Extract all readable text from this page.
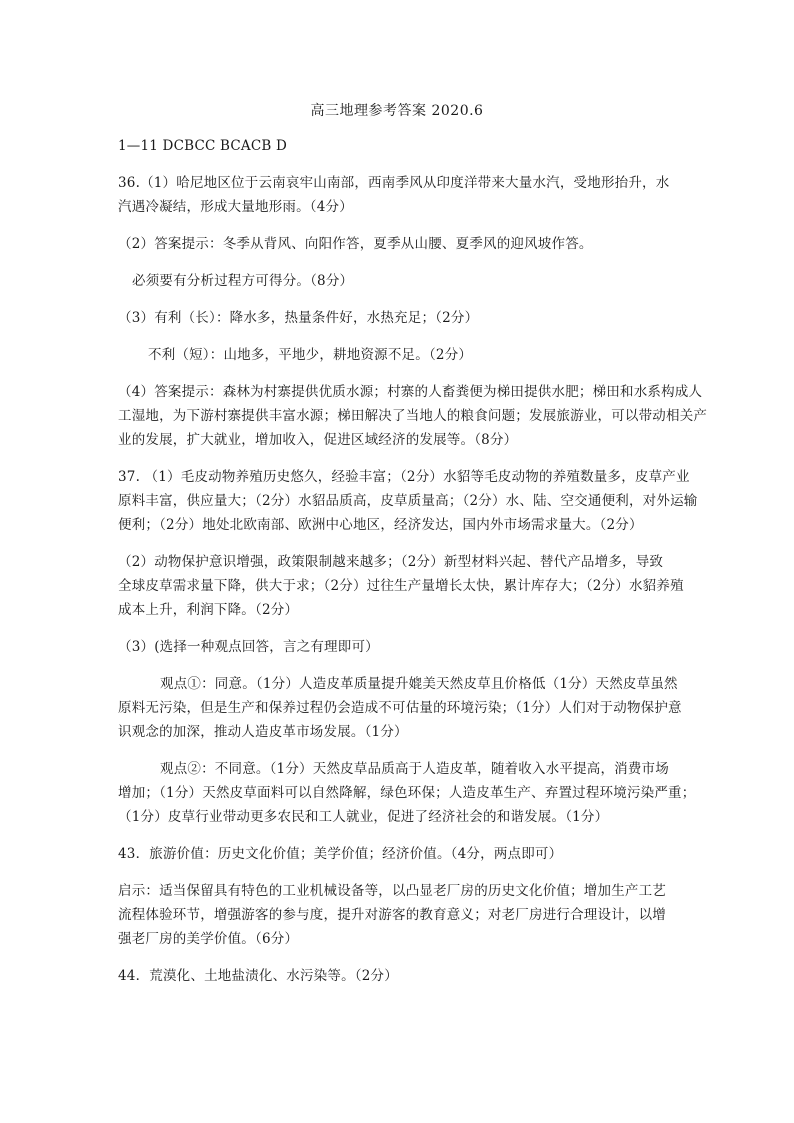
高三地理参考答案 2020.6
1—11 DCBCC BCACB D
36.（1）哈尼地区位于云南哀牢山南部，西南季风从印度洋带来大量水汽，受地形抬升，水
汽遇冷凝结，形成大量地形雨。（4分）
（2）答案提示：冬季从背风、向阳作答，夏季从山腰、夏季风的迎风坡作答。
必须要有分析过程方可得分。（8分）
（3）有利（长）：降水多，热量条件好，水热充足；（2分）
不利（短）：山地多，平地少，耕地资源不足。（2分）
（4）答案提示：森林为村寨提供优质水源；村寨的人畜粪便为梯田提供水肥；梯田和水系构成人
工湿地，为下游村寨提供丰富水源；梯田解决了当地人的粮食问题；发展旅游业，可以带动相关产
业的发展，扩大就业，增加收入，促进区域经济的发展等。（8分）
37. （1）毛皮动物养殖历史悠久，经验丰富；（2分）水貂等毛皮动物的养殖数量多，皮草产业
原料丰富，供应量大；（2分）水貂品质高，皮草质量高；（2分）水、陆、空交通便利，对外运输
便利；（2分）地处北欧南部、欧洲中心地区，经济发达，国内外市场需求量大。（2分）
（2）动物保护意识增强，政策限制越来越多；（2分）新型材料兴起、替代产品增多，导致
全球皮草需求量下降，供大于求；（2分）过往生产量增长太快，累计库存大；（2分）水貂养殖
成本上升，利润下降。（2分）
（3）(选择一种观点回答，言之有理即可）
观点①：同意。（1分）人造皮革质量提升媲美天然皮草且价格低（1分）天然皮草虽然
原料无污染，但是生产和保养过程仍会造成不可估量的环境污染；（1分）人们对于动物保护意
识观念的加深，推动人造皮革市场发展。（1分）
观点②：不同意。（1分）天然皮草品质高于人造皮革，随着收入水平提高，消费市场
增加；（1分）天然皮草面料可以自然降解，绿色环保；人造皮革生产、弃置过程环境污染严重；
（1分）皮草行业带动更多农民和工人就业，促进了经济社会的和谐发展。（1分）
43．旅游价值：历史文化价值；美学价值；经济价值。（4分，两点即可）
启示：适当保留具有特色的工业机械设备等，以凸显老厂房的历史文化价值；增加生产工艺
流程体验环节，增强游客的参与度，提升对游客的教育意义；对老厂房进行合理设计，以增
强老厂房的美学价值。（6分）
44．荒漠化、土地盐渍化、水污染等。（2分）
